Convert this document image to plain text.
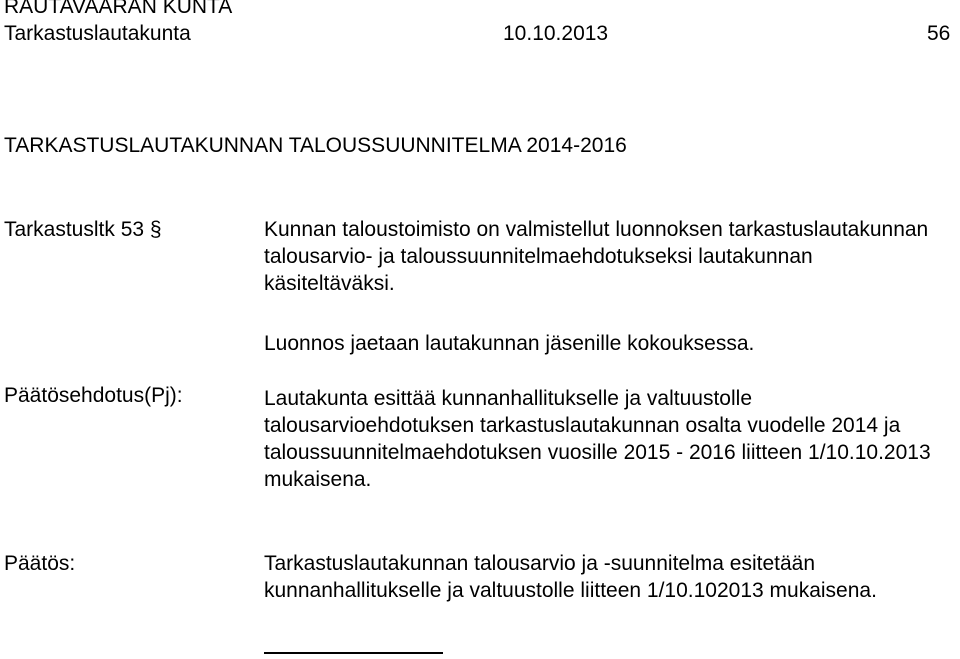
RAUTAVAARAN KUNTA
Tarkastuslautakunta	10.10.2013	56
TARKASTUSLAUTAKUNNAN TALOUSSUUNNITELMA 2014-2016
Tarkastusltk 53 §	Kunnan taloustoimisto on valmistellut luonnoksen tarkastuslautakunnan
talousarvio- ja taloussuunnitelmaehdotukseksi lautakunnan
käsiteltäväksi.
Luonnos jaetaan lautakunnan jäsenille kokouksessa.
Päätösehdotus(Pj):	Lautakunta esittää kunnanhallitukselle ja valtuustolle
talousarvioehdotuksen tarkastuslautakunnan osalta vuodelle 2014 ja
taloussuunnitelmaehdotuksen vuosille 2015 - 2016 liitteen 1/10.10.2013
mukaisena.
Päätös:	Tarkastuslautakunnan talousarvio ja -suunnitelma esitetään
kunnanhallitukselle ja valtuustolle liitteen 1/10.102013 mukaisena.
